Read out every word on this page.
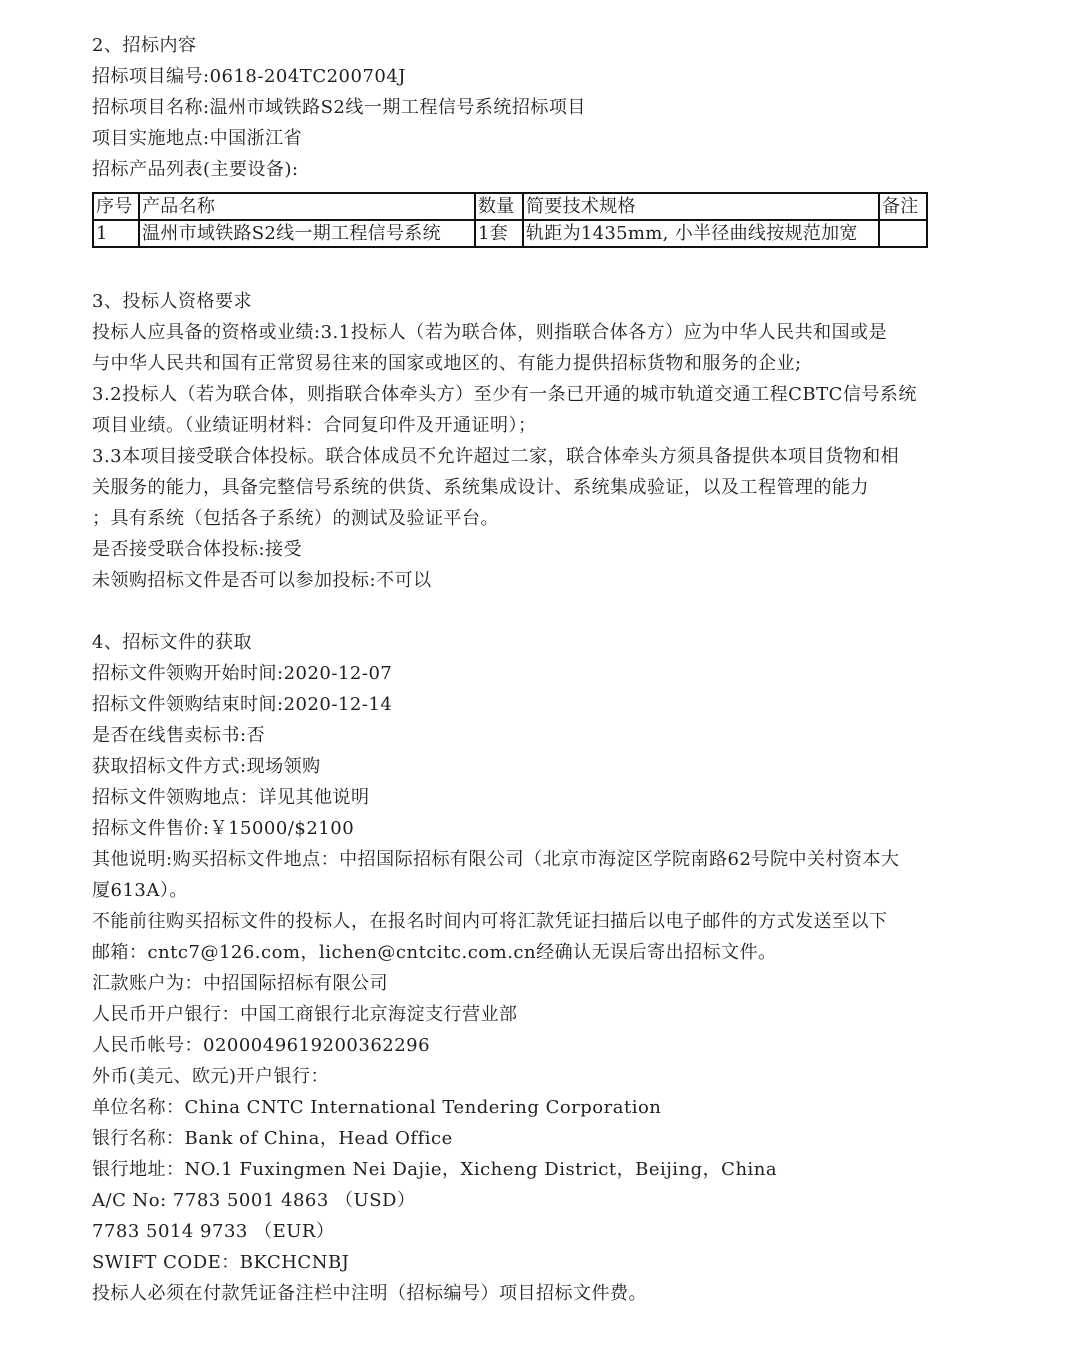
2、招标内容
招标项目编号:0618-204TC200704J
招标项目名称:温州市域铁路S2线一期工程信号系统招标项目
项目实施地点:中国浙江省
招标产品列表(主要设备):
序号	产品名称	数量	简要技术规格	备注
1	温州市域铁路S2线一期工程信号系统	1套	轨距为1435mm, 小半径曲线按规范加宽	
3、投标人资格要求
投标人应具备的资格或业绩:3.1投标人（若为联合体，则指联合体各方）应为中华人民共和国或是
与中华人民共和国有正常贸易往来的国家或地区的、有能力提供招标货物和服务的企业;
3.2投标人（若为联合体，则指联合体牵头方）至少有一条已开通的城市轨道交通工程CBTC信号系统
项目业绩。（业绩证明材料：合同复印件及开通证明）；
3.3本项目接受联合体投标。联合体成员不允许超过二家，联合体牵头方须具备提供本项目货物和相
关服务的能力，具备完整信号系统的供货、系统集成设计、系统集成验证，以及工程管理的能力
；具有系统（包括各子系统）的测试及验证平台。
是否接受联合体投标:接受
未领购招标文件是否可以参加投标:不可以
4、招标文件的获取
招标文件领购开始时间:2020-12-07
招标文件领购结束时间:2020-12-14
是否在线售卖标书:否
获取招标文件方式:现场领购
招标文件领购地点：详见其他说明
招标文件售价:￥15000/$2100
其他说明:购买招标文件地点：中招国际招标有限公司（北京市海淀区学院南路62号院中关村资本大
厦613A）。
不能前往购买招标文件的投标人，在报名时间内可将汇款凭证扫描后以电子邮件的方式发送至以下
邮箱：cntc7@126.com，lichen@cntcitc.com.cn经确认无误后寄出招标文件。
汇款账户为：中招国际招标有限公司
人民币开户银行：中国工商银行北京海淀支行营业部
人民币帐号：0200049619200362296
外币(美元、欧元)开户银行：
单位名称：China CNTC International Tendering Corporation
银行名称：Bank of China，Head Office
银行地址：NO.1 Fuxingmen Nei Dajie，Xicheng District，Beijing，China
A/C No: 7783 5001 4863 （USD）
7783 5014 9733 （EUR）
SWIFT CODE：BKCHCNBJ
投标人必须在付款凭证备注栏中注明（招标编号）项目招标文件费。
